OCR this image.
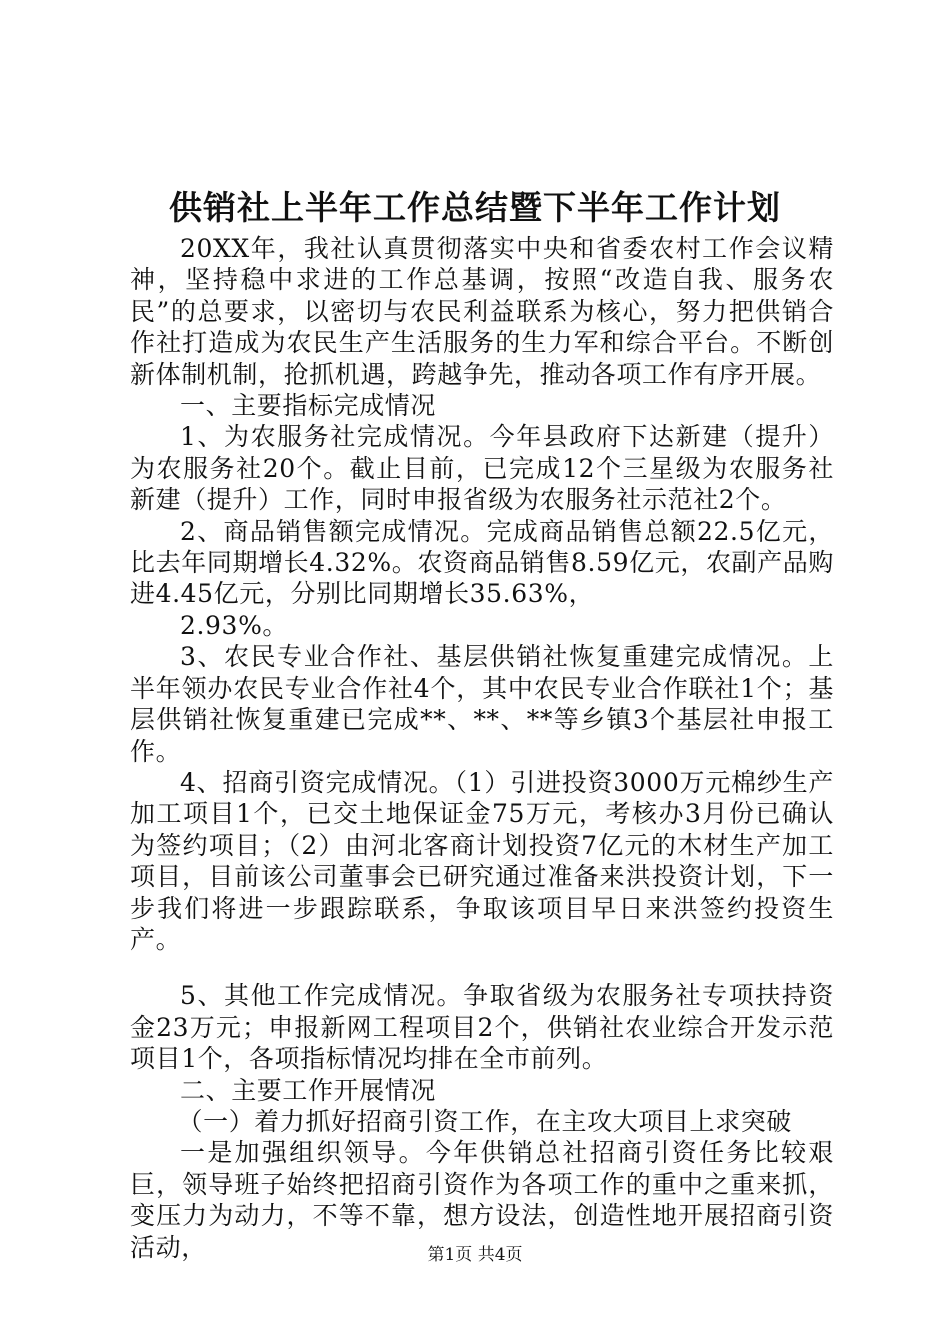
供销社上半年工作总结暨下半年工作计划

20XX年，我社认真贯彻落实中央和省委农村工作会议精神，坚持稳中求进的工作总基调，按照“改造自我、服务农民”的总要求，以密切与农民利益联系为核心，努力把供销合作社打造成为农民生产生活服务的生力军和综合平台。不断创新体制机制，抢抓机遇，跨越争先，推动各项工作有序开展。

一、主要指标完成情况

1、为农服务社完成情况。今年县政府下达新建（提升）为农服务社20个。截止目前，已完成12个三星级为农服务社新建（提升）工作，同时申报省级为农服务社示范社2个。

2、商品销售额完成情况。完成商品销售总额22.5亿元，比去年同期增长4.32%。农资商品销售8.59亿元，农副产品购进4.45亿元，分别比同期增长35.63%，

2.93%。

3、农民专业合作社、基层供销社恢复重建完成情况。上半年领办农民专业合作社4个，其中农民专业合作联社1个；基层供销社恢复重建已完成**、**、**等乡镇3个基层社申报工作。

4、招商引资完成情况。（1）引进投资3000万元棉纱生产加工项目1个，已交土地保证金75万元，考核办3月份已确认为签约项目；（2）由河北客商计划投资7亿元的木材生产加工项目，目前该公司董事会已研究通过准备来洪投资计划，下一步我们将进一步跟踪联系，争取该项目早日来洪签约投资生产。

5、其他工作完成情况。争取省级为农服务社专项扶持资金23万元；申报新网工程项目2个，供销社农业综合开发示范项目1个，各项指标情况均排在全市前列。

二、主要工作开展情况

（一）着力抓好招商引资工作，在主攻大项目上求突破

一是加强组织领导。今年供销总社招商引资任务比较艰巨，领导班子始终把招商引资作为各项工作的重中之重来抓，变压力为动力，不等不靠，想方设法，创造性地开展招商引资活动，	第1页 共4页
